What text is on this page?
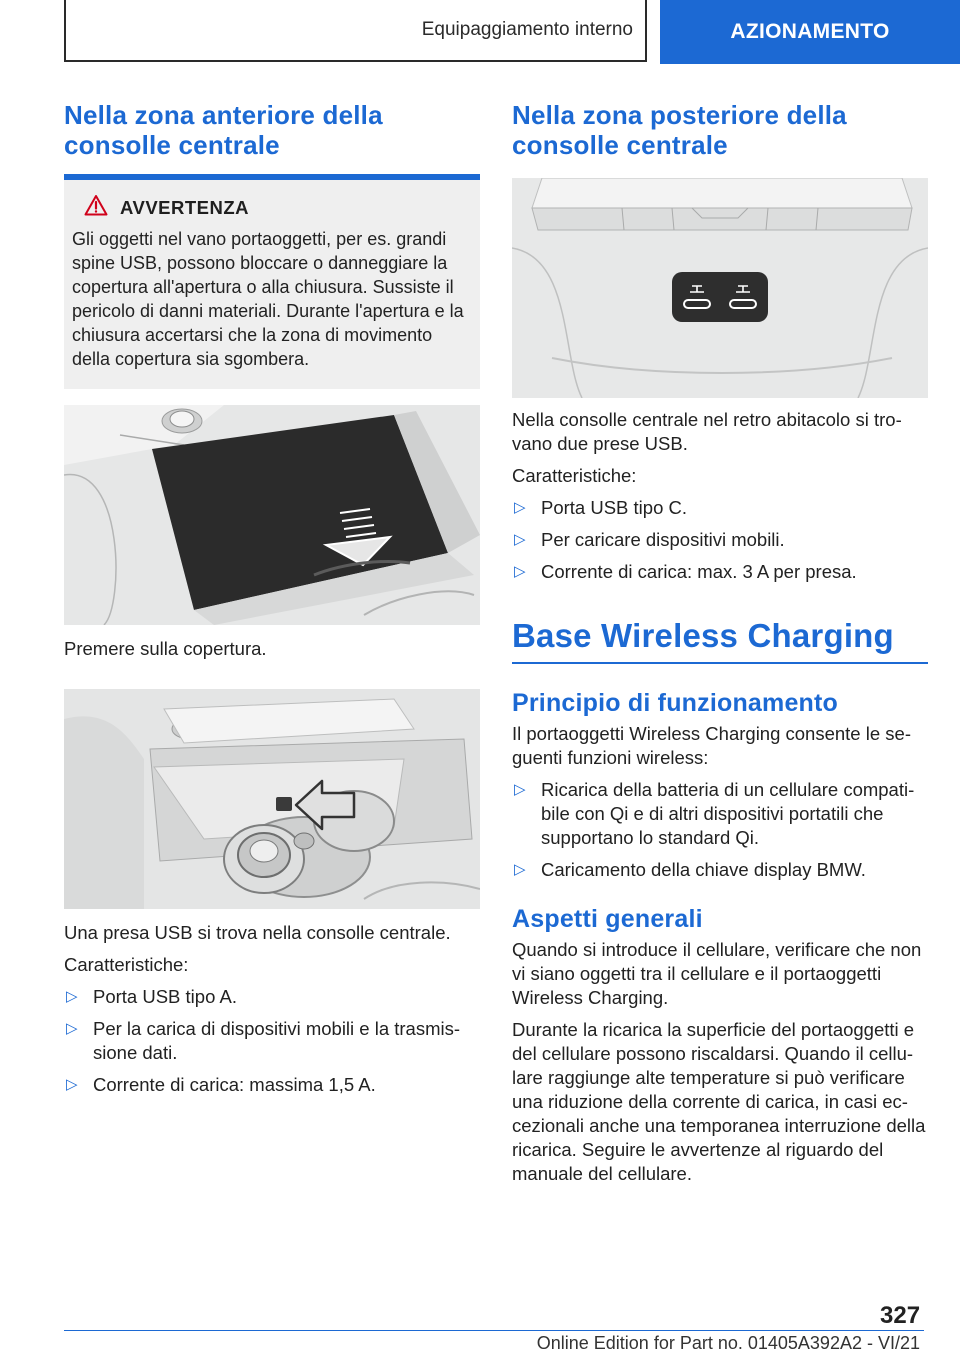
Equipaggiamento interno	AZIONAMENTO
Nella zona anteriore della consolle centrale
AVVERTENZA

Gli oggetti nel vano portaoggetti, per es. grandi spine USB, possono bloccare o danneggiare la copertura all'apertura o alla chiusura. Sussiste il pericolo di danni materiali. Durante l'apertura e la chiusura accertarsi che la zona di movimento della copertura sia sgombera.

Premere sulla copertura.

Una presa USB si trova nella consolle centrale.

Caratteristiche:

▷ Porta USB tipo A.
▷ Per la carica di dispositivi mobili e la trasmissione dati.
▷ Corrente di carica: massima 1,5 A.
Nella zona posteriore della consolle centrale

Nella consolle centrale nel retro abitacolo si trovano due prese USB.

Caratteristiche:

▷ Porta USB tipo C.
▷ Per caricare dispositivi mobili.
▷ Corrente di carica: max. 3 A per presa.
Base Wireless Charging
Principio di funzionamento

Il portaoggetti Wireless Charging consente le seguenti funzioni wireless:

▷ Ricarica della batteria di un cellulare compatibile con Qi e di altri dispositivi portatili che supportano lo standard Qi.
▷ Caricamento della chiave display BMW.
Aspetti generali

Quando si introduce il cellulare, verificare che non vi siano oggetti tra il cellulare e il portaoggetti Wireless Charging.

Durante la ricarica la superficie del portaoggetti e del cellulare possono riscaldarsi. Quando il cellulare raggiunge alte temperature si può verificare una riduzione della corrente di carica, in casi eccezionali anche una temporanea interruzione della ricarica. Seguire le avvertenze al riguardo del manuale del cellulare.

327
Online Edition for Part no. 01405A392A2 - VI/21
